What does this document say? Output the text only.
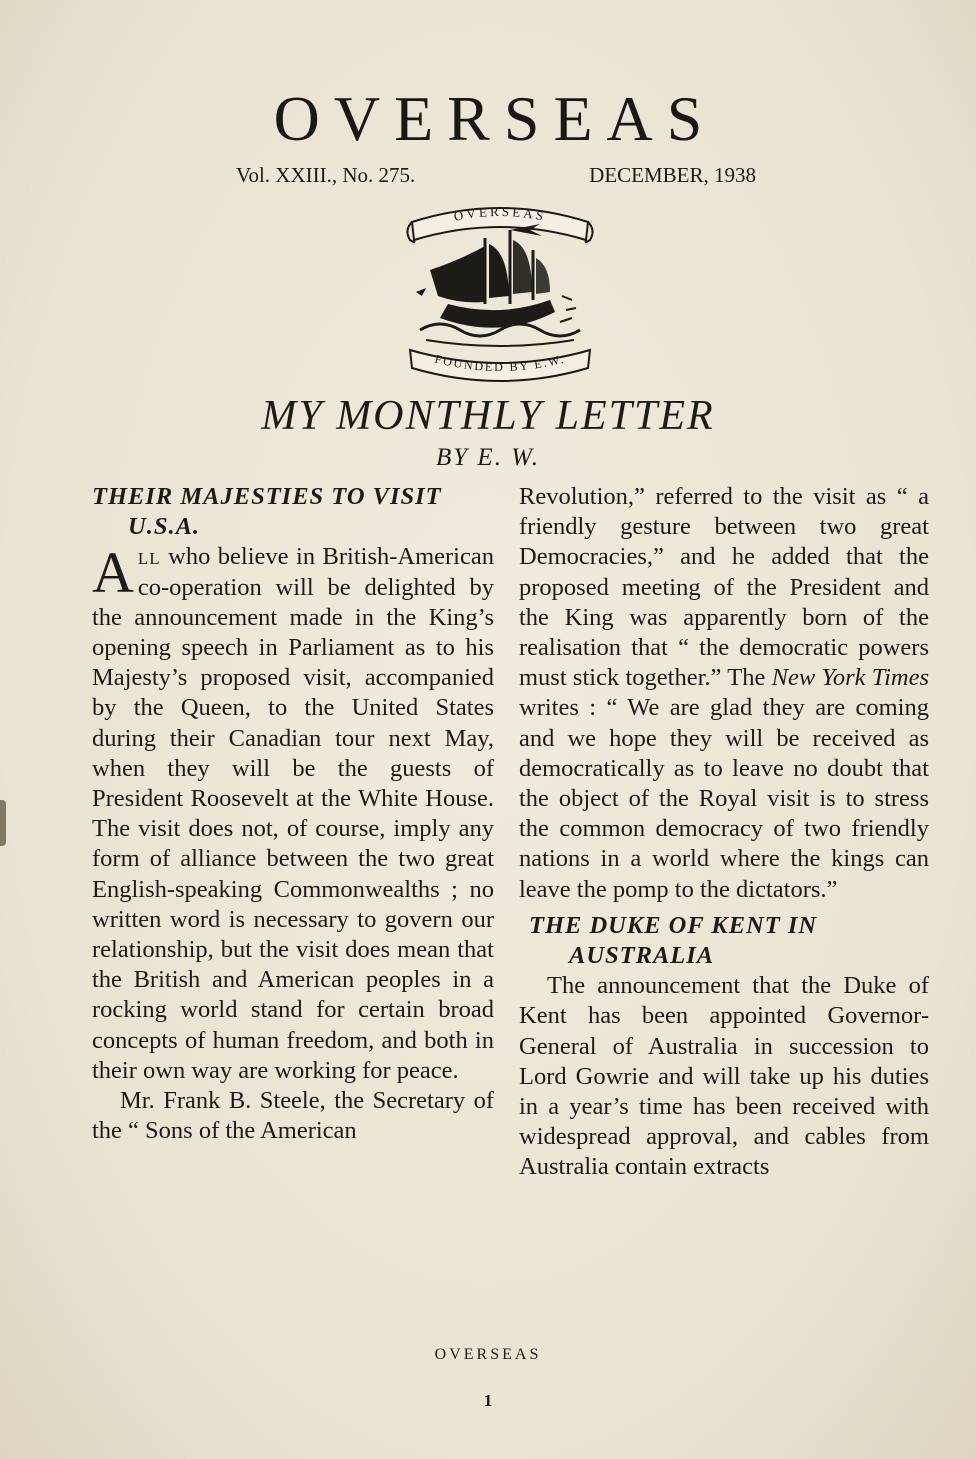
OVERSEAS
Vol. XXIII., No. 275.	DECEMBER, 1938
OVERSEAS
FOUNDED BY E.W.
MY MONTHLY LETTER
BY E. W.
THEIR MAJESTIES TO VISIT U.S.A.

All who believe in British-American co-operation will be delighted by the announcement made in the King’s opening speech in Parliament as to his Majesty’s proposed visit, accompanied by the Queen, to the United States during their Canadian tour next May, when they will be the guests of President Roosevelt at the White House. The visit does not, of course, imply any form of alliance between the two great English-speaking Commonwealths ; no written word is necessary to govern our relationship, but the visit does mean that the British and American peoples in a rocking world stand for certain broad concepts of human freedom, and both in their own way are working for peace.

Mr. Frank B. Steele, the Secretary of the “ Sons of the American

Revolution,” referred to the visit as “ a friendly gesture between two great Democracies,” and he added that the proposed meeting of the President and the King was apparently born of the realisation that “ the democratic powers must stick together.” The New York Times writes : “ We are glad they are coming and we hope they will be received as democratically as to leave no doubt that the object of the Royal visit is to stress the common democracy of two friendly nations in a world where the kings can leave the pomp to the dictators.”

THE DUKE OF KENT IN AUSTRALIA

The announcement that the Duke of Kent has been appointed Governor-General of Australia in succession to Lord Gowrie and will take up his duties in a year’s time has been received with widespread approval, and cables from Australia contain extracts

OVERSEAS
1
